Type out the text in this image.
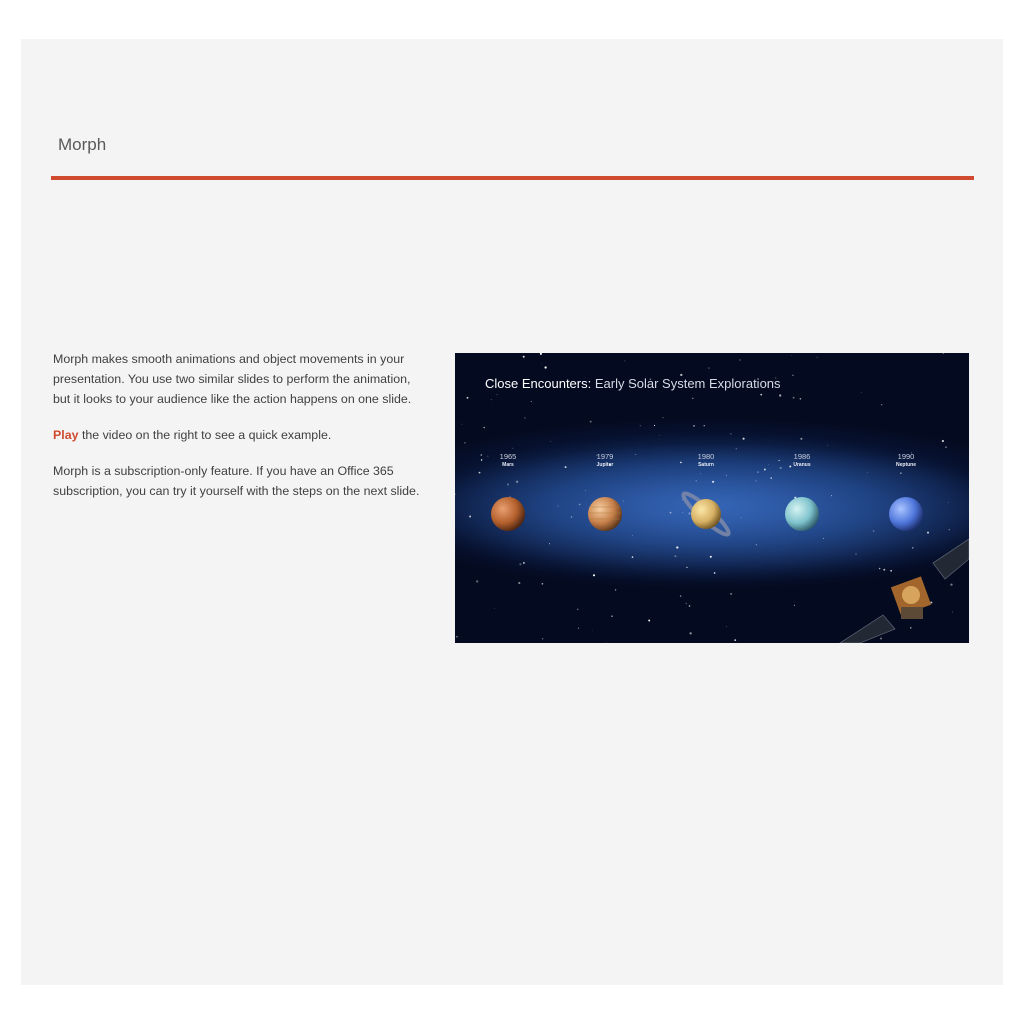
Morph

Morph makes smooth animations and object movements in your presentation. You use two similar slides to perform the animation, but it looks to your audience like the action happens on one slide.

Play the video on the right to see a quick example.

Morph is a subscription-only feature. If you have an Office 365 subscription, you can try it yourself with the steps on the next slide.

Close Encounters: Early Solar System Explorations
1965
Mars
1979
Jupiter
1980
Saturn
1986
Uranus
1990
Neptune
